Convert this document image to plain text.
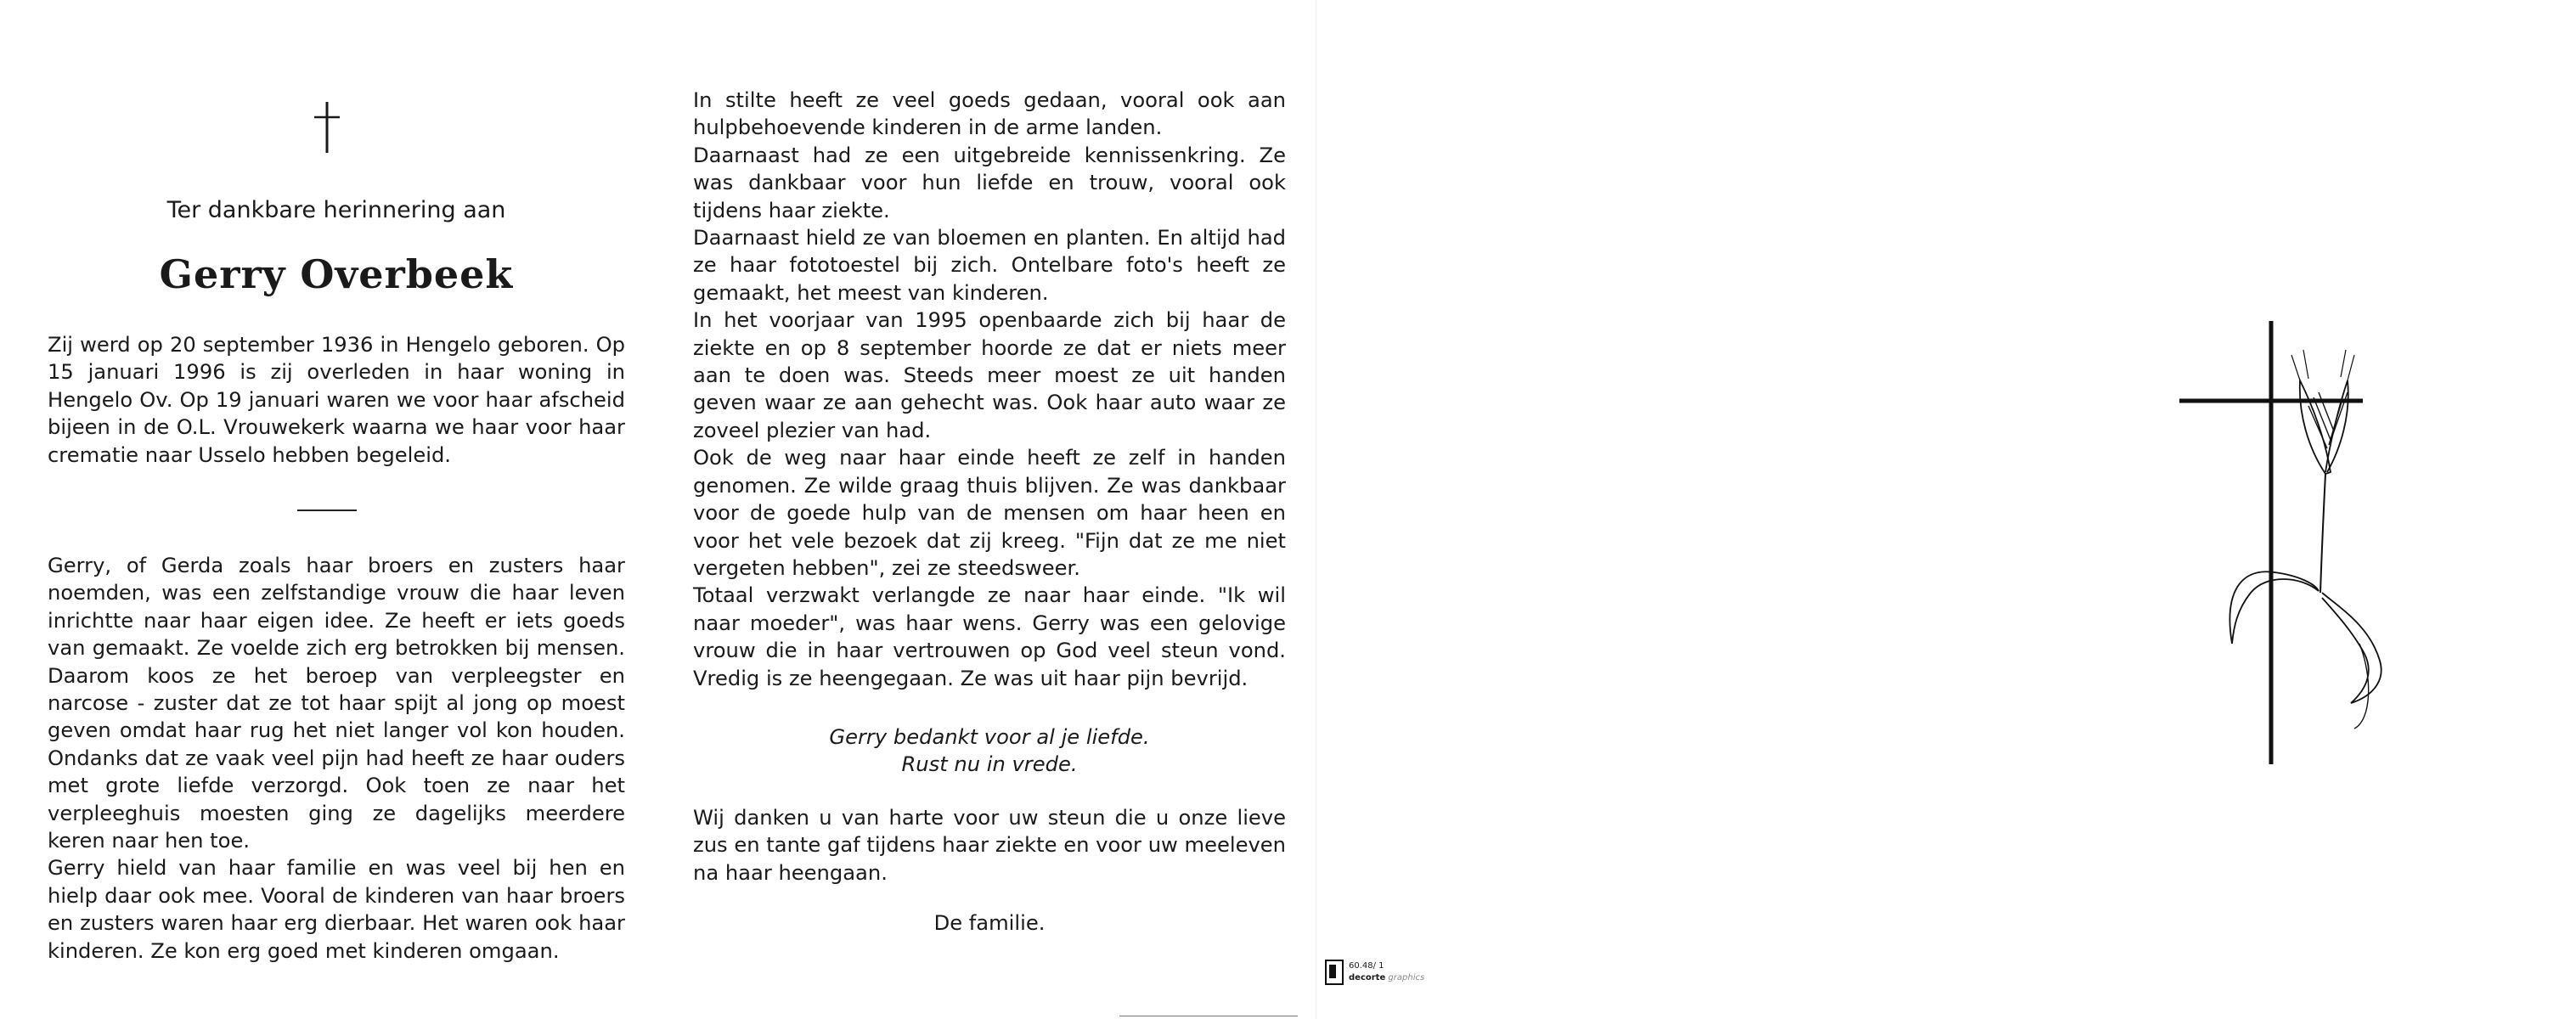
Ter dankbare herinnering aan
Gerry Overbeek

Zij werd op 20 september 1936 in Hengelo geboren. Op 15 januari 1996 is zij overleden in haar woning in Hengelo Ov. Op 19 januari waren we voor haar afscheid bijeen in de O.L. Vrouwekerk waarna we haar voor haar crematie naar Usselo hebben begeleid.

Gerry, of Gerda zoals haar broers en zusters haar noemden, was een zelfstandige vrouw die haar leven inrichtte naar haar eigen idee. Ze heeft er iets goeds van gemaakt. Ze voelde zich erg betrokken bij mensen. Daarom koos ze het beroep van verpleegster en narcose - zuster dat ze tot haar spijt al jong op moest geven omdat haar rug het niet langer vol kon houden. Ondanks dat ze vaak veel pijn had heeft ze haar ouders met grote liefde verzorgd. Ook toen ze naar het verpleeghuis moesten ging ze dagelijks meerdere keren naar hen toe.

Gerry hield van haar familie en was veel bij hen en hielp daar ook mee. Vooral de kinderen van haar broers en zusters waren haar erg dierbaar. Het waren ook haar kinderen. Ze kon erg goed met kinderen omgaan.

In stilte heeft ze veel goeds gedaan, vooral ook aan hulpbehoevende kinderen in de arme landen.

Daarnaast had ze een uitgebreide kennissenkring. Ze was dankbaar voor hun liefde en trouw, vooral ook tijdens haar ziekte.

Daarnaast hield ze van bloemen en planten. En altijd had ze haar fototoestel bij zich. Ontelbare foto's heeft ze gemaakt, het meest van kinderen.

In het voorjaar van 1995 openbaarde zich bij haar de ziekte en op 8 september hoorde ze dat er niets meer aan te doen was. Steeds meer moest ze uit handen geven waar ze aan gehecht was. Ook haar auto waar ze zoveel plezier van had.

Ook de weg naar haar einde heeft ze zelf in handen genomen. Ze wilde graag thuis blijven. Ze was dankbaar voor de goede hulp van de mensen om haar heen en voor het vele bezoek dat zij kreeg. "Fijn dat ze me niet vergeten hebben", zei ze steedsweer.

Totaal verzwakt verlangde ze naar haar einde. "Ik wil naar moeder", was haar wens. Gerry was een gelovige vrouw die in haar vertrouwen op God veel steun vond. Vredig is ze heengegaan. Ze was uit haar pijn bevrijd.

Gerry bedankt voor al je liefde.
Rust nu in vrede.

Wij danken u van harte voor uw steun die u onze lieve zus en tante gaf tijdens haar ziekte en voor uw meeleven na haar heengaan.

De familie.
60.48/ 1
decorte graphics
